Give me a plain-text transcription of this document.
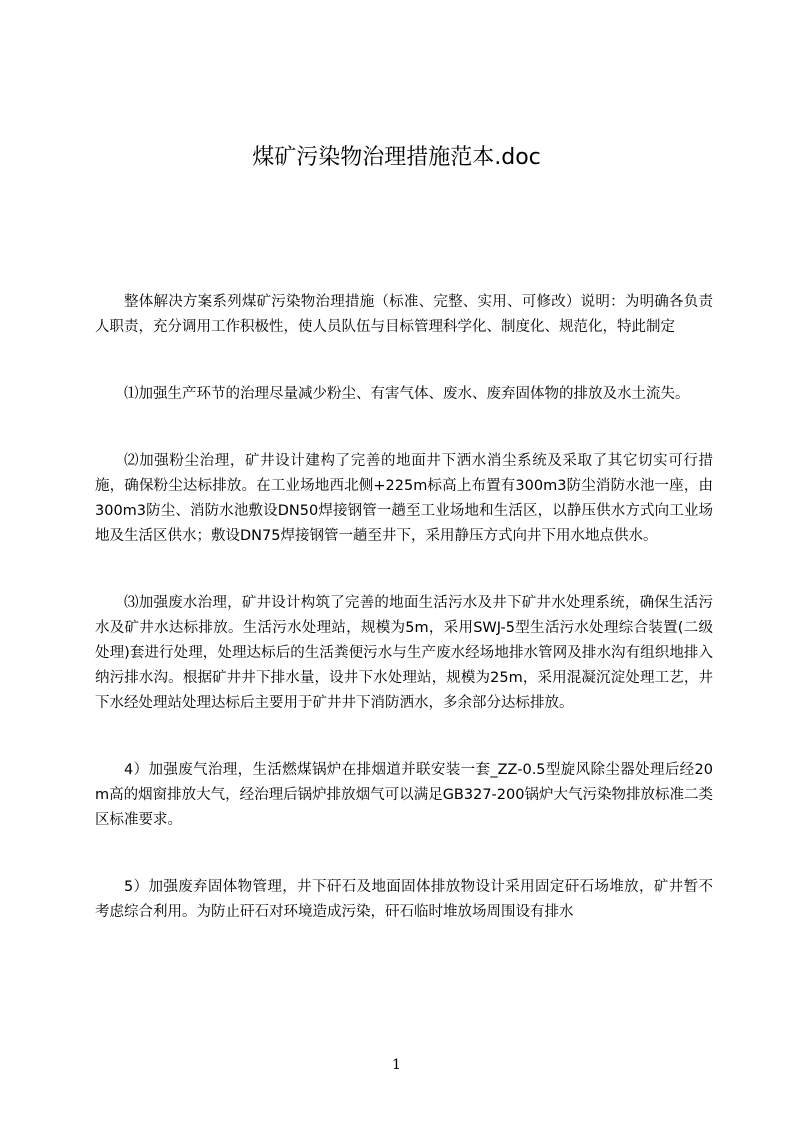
煤矿污染物治理措施范本.doc

整体解决方案系列煤矿污染物治理措施（标准、完整、实用、可修改）说明：为明确各负责人职责，充分调用工作积极性，使人员队伍与目标管理科学化、制度化、规范化，特此制定

⑴加强生产环节的治理尽量减少粉尘、有害气体、废水、废弃固体物的排放及水土流失。

⑵加强粉尘治理，矿井设计建构了完善的地面井下洒水消尘系统及采取了其它切实可行措施，确保粉尘达标排放。在工业场地西北侧+225m标高上布置有300m3防尘消防水池一座，由300m3防尘、消防水池敷设DN50焊接钢管一趟至工业场地和生活区，以静压供水方式向工业场地及生活区供水；敷设DN75焊接钢管一趟至井下，采用静压方式向井下用水地点供水。

⑶加强废水治理，矿井设计构筑了完善的地面生活污水及井下矿井水处理系统，确保生活污水及矿井水达标排放。生活污水处理站，规模为5m，采用SWJ-5型生活污水处理综合装置(二级处理)套进行处理，处理达标后的生活粪便污水与生产废水经场地排水管网及排水沟有组织地排入纳污排水沟。根据矿井井下排水量，设井下水处理站，规模为25m，采用混凝沉淀处理工艺，井下水经处理站处理达标后主要用于矿井井下消防洒水，多余部分达标排放。

4）加强废气治理，生活燃煤锅炉在排烟道并联安装一套_ZZ-0.5型旋风除尘器处理后经20m高的烟窗排放大气，经治理后锅炉排放烟气可以满足GB327-200锅炉大气污染物排放标准二类区标准要求。

5）加强废弃固体物管理，井下矸石及地面固体排放物设计采用固定矸石场堆放，矿井暂不考虑综合利用。为防止矸石对环境造成污染，矸石临时堆放场周围设有排水

1
